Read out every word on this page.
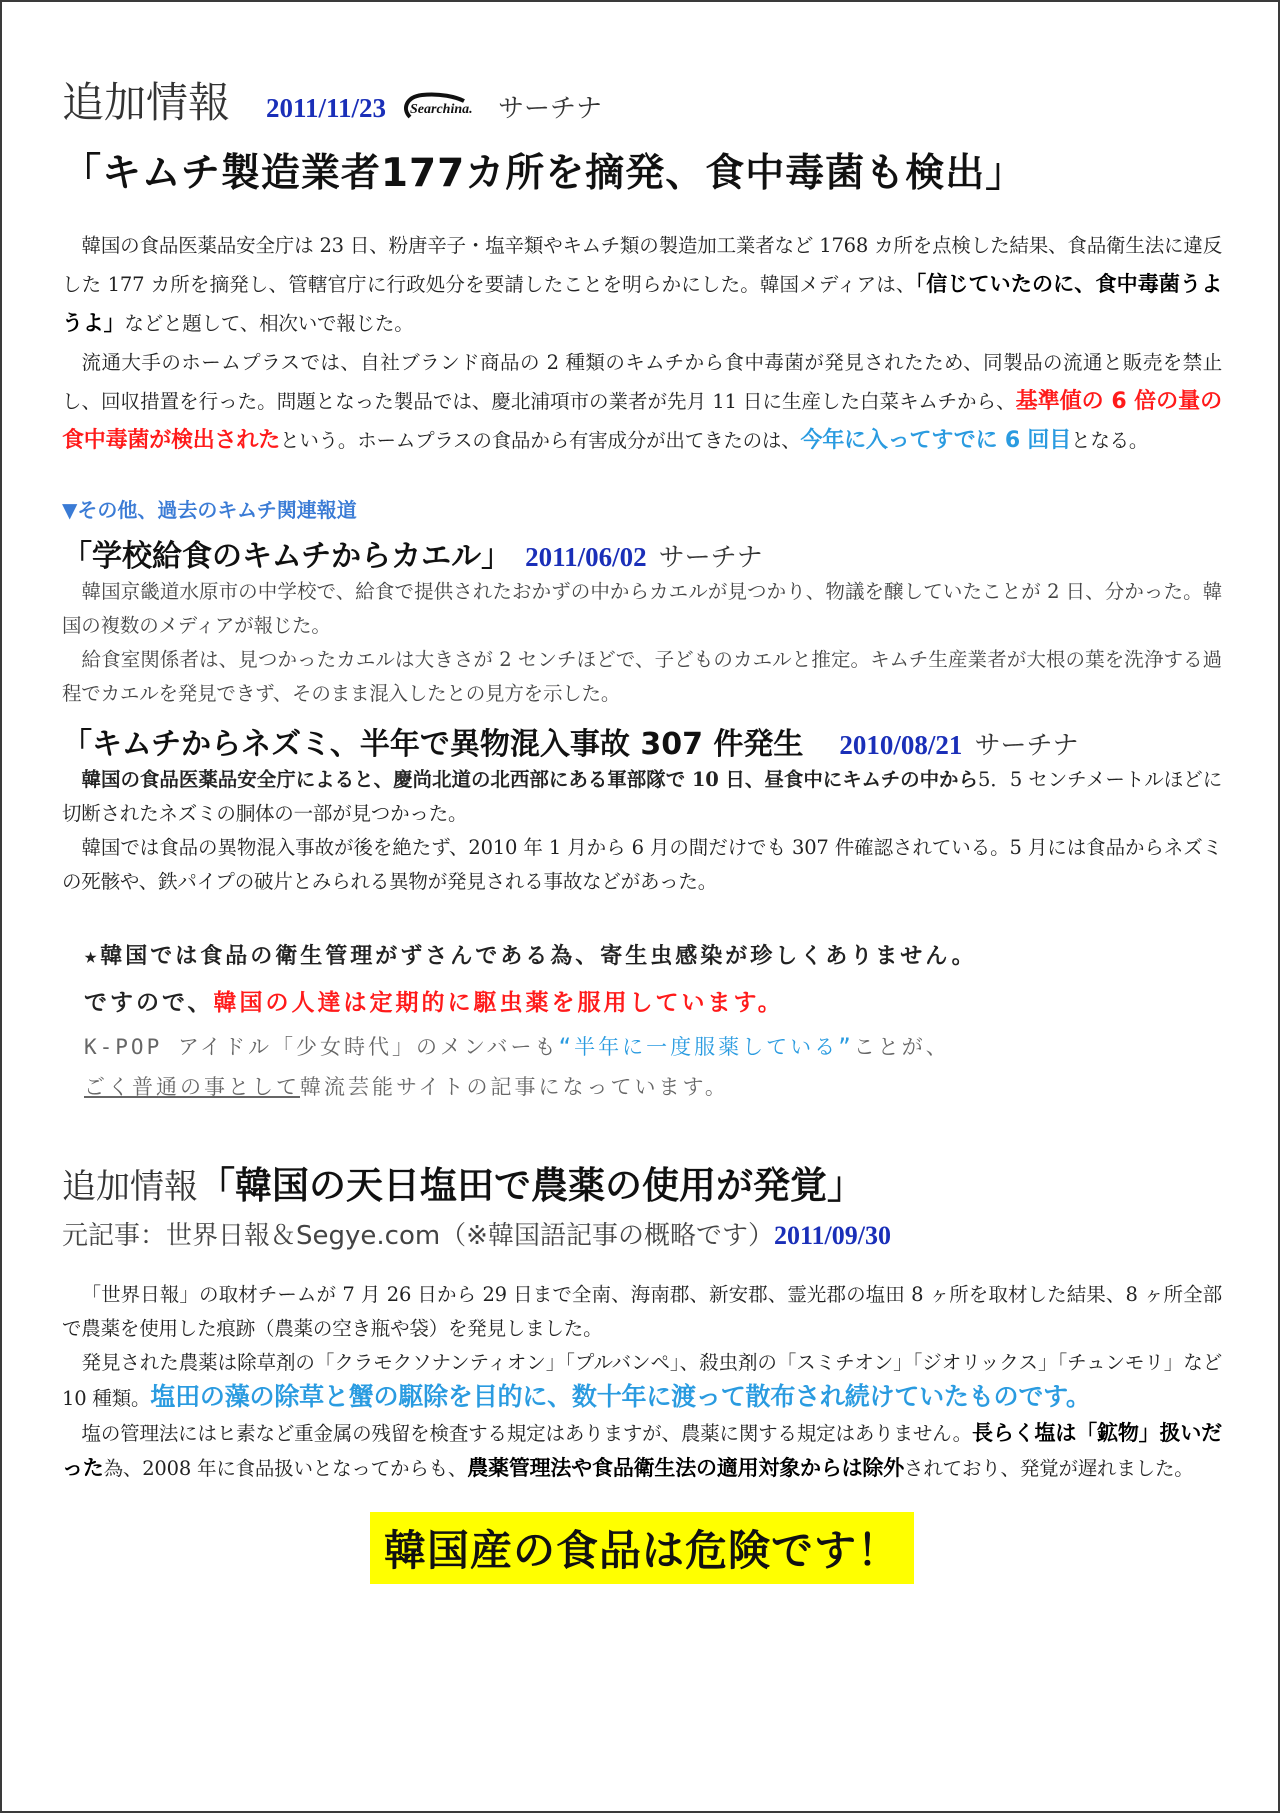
追加情報 2011/11/23 Searchina. サーチナ
「キムチ製造業者177カ所を摘発、食中毒菌も検出」

韓国の食品医薬品安全庁は 23 日、粉唐辛子・塩辛類やキムチ類の製造加工業者など 1768 カ所を点検した結果、食品衛生法に違反した 177 カ所を摘発し、管轄官庁に行政処分を要請したことを明らかにした。韓国メディアは、「信じていたのに、食中毒菌うようよ」などと題して、相次いで報じた。

流通大手のホームプラスでは、自社ブランド商品の 2 種類のキムチから食中毒菌が発見されたため、同製品の流通と販売を禁止し、回収措置を行った。問題となった製品では、慶北浦項市の業者が先月 11 日に生産した白菜キムチから、基準値の 6 倍の量の食中毒菌が検出されたという。ホームプラスの食品から有害成分が出てきたのは、今年に入ってすでに 6 回目となる。

▼その他、過去のキムチ関連報道
「学校給食のキムチからカエル」 2011/06/02 サーチナ

韓国京畿道水原市の中学校で、給食で提供されたおかずの中からカエルが見つかり、物議を醸していたことが 2 日、分かった。韓国の複数のメディアが報じた。

給食室関係者は、見つかったカエルは大きさが 2 センチほどで、子どものカエルと推定。キムチ生産業者が大根の葉を洗浄する過程でカエルを発見できず、そのまま混入したとの見方を示した。

「キムチからネズミ、半年で異物混入事故 307 件発生 2010/08/21 サーチナ

韓国の食品医薬品安全庁によると、慶尚北道の北西部にある軍部隊で 10 日、昼食中にキムチの中から5．5 センチメートルほどに切断されたネズミの胴体の一部が見つかった。

韓国では食品の異物混入事故が後を絶たず、2010 年 1 月から 6 月の間だけでも 307 件確認されている。5 月には食品からネズミの死骸や、鉄パイプの破片とみられる異物が発見される事故などがあった。

★韓国では食品の衛生管理がずさんである為、寄生虫感染が珍しくありません。
ですので、韓国の人達は定期的に駆虫薬を服用しています。
K-POP アイドル「少女時代」のメンバーも“半年に一度服薬している”ことが、
ごく普通の事として韓流芸能サイトの記事になっています。
追加情報 「韓国の天日塩田で農薬の使用が発覚」
元記事：世界日報＆Segye.com（※韓国語記事の概略です）2011/09/30

「世界日報」の取材チームが 7 月 26 日から 29 日まで全南、海南郡、新安郡、霊光郡の塩田 8 ヶ所を取材した結果、8 ヶ所全部で農薬を使用した痕跡（農薬の空き瓶や袋）を発見しました。

発見された農薬は除草剤の「クラモクソナンティオン」「プルバンペ」、殺虫剤の「スミチオン」「ジオリックス」「チュンモリ」など 10 種類。塩田の藻の除草と蟹の駆除を目的に、数十年に渡って散布され続けていたものです。

塩の管理法にはヒ素など重金属の残留を検査する規定はありますが、農薬に関する規定はありません。長らく塩は「鉱物」扱いだった為、2008 年に食品扱いとなってからも、農薬管理法や食品衛生法の適用対象からは除外されており、発覚が遅れました。

韓国産の食品は危険です！
